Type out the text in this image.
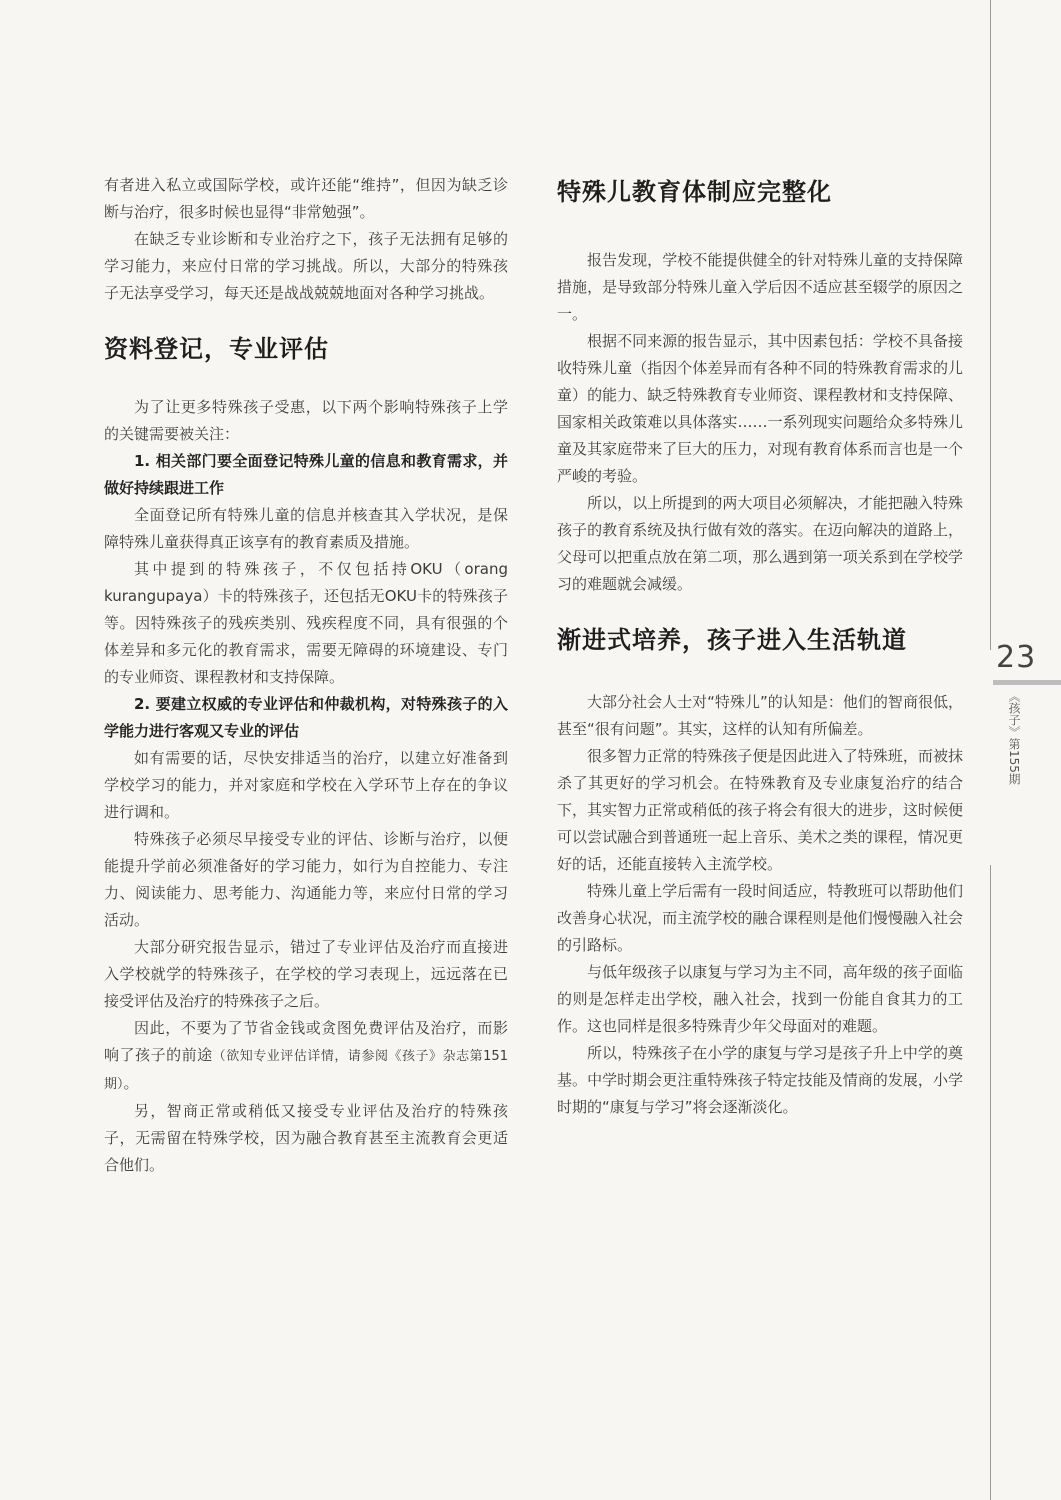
有者进入私立或国际学校，或许还能“维持”，但因为缺乏诊断与治疗，很多时候也显得“非常勉强”。

在缺乏专业诊断和专业治疗之下，孩子无法拥有足够的学习能力，来应付日常的学习挑战。所以，大部分的特殊孩子无法享受学习，每天还是战战兢兢地面对各种学习挑战。

资料登记，专业评估

为了让更多特殊孩子受惠，以下两个影响特殊孩子上学的关键需要被关注：

1. 相关部门要全面登记特殊儿童的信息和教育需求，并做好持续跟进工作

全面登记所有特殊儿童的信息并核查其入学状况，是保障特殊儿童获得真正该享有的教育素质及措施。

其中提到的特殊孩子，不仅包括持OKU（orang kurangupaya）卡的特殊孩子，还包括无OKU卡的特殊孩子等。因特殊孩子的残疾类别、残疾程度不同，具有很强的个体差异和多元化的教育需求，需要无障碍的环境建设、专门的专业师资、课程教材和支持保障。

2. 要建立权威的专业评估和仲裁机构，对特殊孩子的入学能力进行客观又专业的评估

如有需要的话，尽快安排适当的治疗，以建立好准备到学校学习的能力，并对家庭和学校在入学环节上存在的争议进行调和。

特殊孩子必须尽早接受专业的评估、诊断与治疗，以便能提升学前必须准备好的学习能力，如行为自控能力、专注力、阅读能力、思考能力、沟通能力等，来应付日常的学习活动。

大部分研究报告显示，错过了专业评估及治疗而直接进入学校就学的特殊孩子，在学校的学习表现上，远远落在已接受评估及治疗的特殊孩子之后。

因此，不要为了节省金钱或贪图免费评估及治疗，而影响了孩子的前途（欲知专业评估详情，请参阅《孩子》杂志第151期）。

另，智商正常或稍低又接受专业评估及治疗的特殊孩子，无需留在特殊学校，因为融合教育甚至主流教育会更适合他们。

特殊儿教育体制应完整化

报告发现，学校不能提供健全的针对特殊儿童的支持保障措施，是导致部分特殊儿童入学后因不适应甚至辍学的原因之一。

根据不同来源的报告显示，其中因素包括：学校不具备接收特殊儿童（指因个体差异而有各种不同的特殊教育需求的儿童）的能力、缺乏特殊教育专业师资、课程教材和支持保障、国家相关政策难以具体落实……一系列现实问题给众多特殊儿童及其家庭带来了巨大的压力，对现有教育体系而言也是一个严峻的考验。

所以，以上所提到的两大项目必须解决，才能把融入特殊孩子的教育系统及执行做有效的落实。在迈向解决的道路上，父母可以把重点放在第二项，那么遇到第一项关系到在学校学习的难题就会减缓。

渐进式培养，孩子进入生活轨道

大部分社会人士对“特殊儿”的认知是：他们的智商很低，甚至“很有问题”。其实，这样的认知有所偏差。

很多智力正常的特殊孩子便是因此进入了特殊班，而被抹杀了其更好的学习机会。在特殊教育及专业康复治疗的结合下，其实智力正常或稍低的孩子将会有很大的进步，这时候便可以尝试融合到普通班一起上音乐、美术之类的课程，情况更好的话，还能直接转入主流学校。

特殊儿童上学后需有一段时间适应，特教班可以帮助他们改善身心状况，而主流学校的融合课程则是他们慢慢融入社会的引路标。

与低年级孩子以康复与学习为主不同，高年级的孩子面临的则是怎样走出学校，融入社会，找到一份能自食其力的工作。这也同样是很多特殊青少年父母面对的难题。

所以，特殊孩子在小学的康复与学习是孩子升上中学的奠基。中学时期会更注重特殊孩子特定技能及情商的发展，小学时期的“康复与学习”将会逐渐淡化。

23
《孩子》第155期
